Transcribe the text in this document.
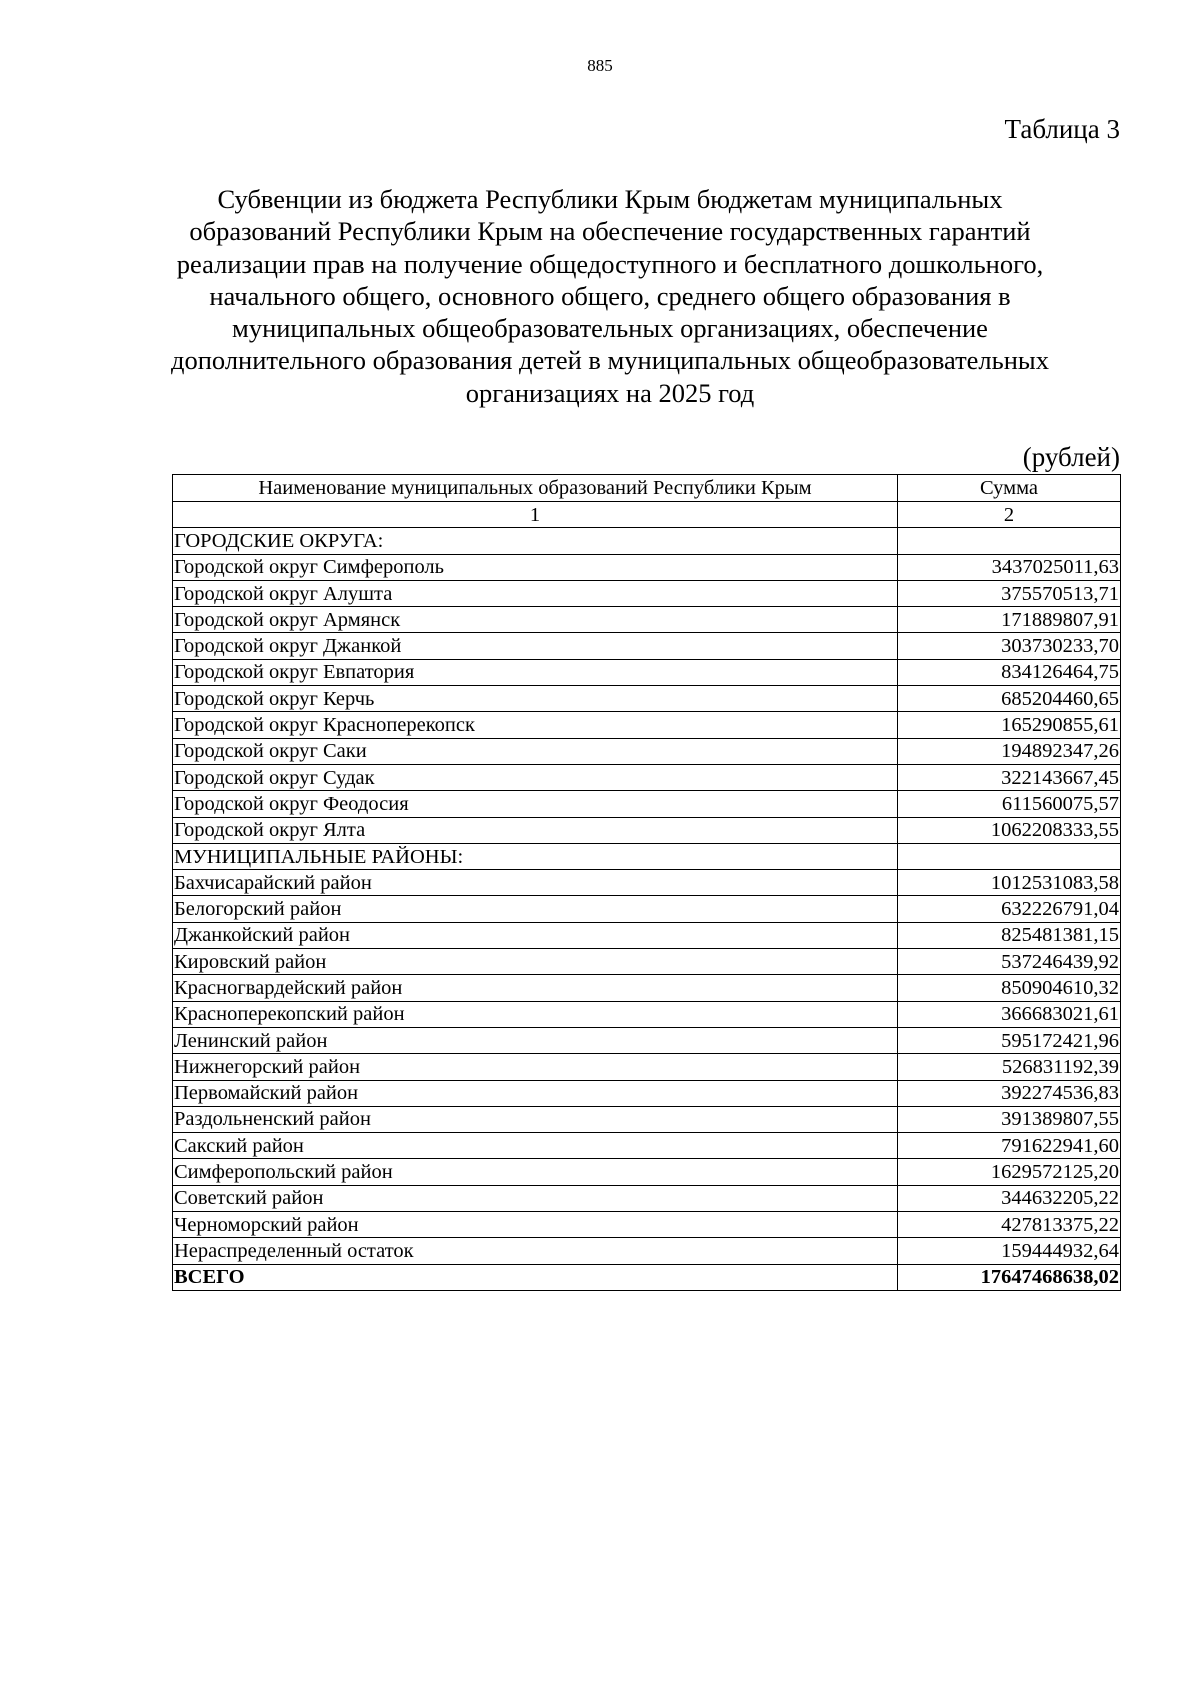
885
Таблица 3
Субвенции из бюджета Республики Крым бюджетам муниципальных образований Республики Крым на обеспечение государственных гарантий реализации прав на получение общедоступного и бесплатного дошкольного, начального общего, основного общего, среднего общего образования в муниципальных общеобразовательных организациях, обеспечение дополнительного образования детей в муниципальных общеобразовательных организациях на 2025 год
(рублей)
Наименование муниципальных образований Республики Крым	Сумма
1	2
ГОРОДСКИЕ ОКРУГА:	
Городской округ Симферополь	3437025011,63
Городской округ Алушта	375570513,71
Городской округ Армянск	171889807,91
Городской округ Джанкой	303730233,70
Городской округ Евпатория	834126464,75
Городской округ Керчь	685204460,65
Городской округ Красноперекопск	165290855,61
Городской округ Саки	194892347,26
Городской округ Судак	322143667,45
Городской округ Феодосия	611560075,57
Городской округ Ялта	1062208333,55
МУНИЦИПАЛЬНЫЕ РАЙОНЫ:	
Бахчисарайский район	1012531083,58
Белогорский район	632226791,04
Джанкойский район	825481381,15
Кировский район	537246439,92
Красногвардейский район	850904610,32
Красноперекопский район	366683021,61
Ленинский район	595172421,96
Нижнегорский район	526831192,39
Первомайский район	392274536,83
Раздольненский район	391389807,55
Сакский район	791622941,60
Симферопольский район	1629572125,20
Советский район	344632205,22
Черноморский район	427813375,22
Нераспределенный остаток	159444932,64
ВСЕГО	17647468638,02
